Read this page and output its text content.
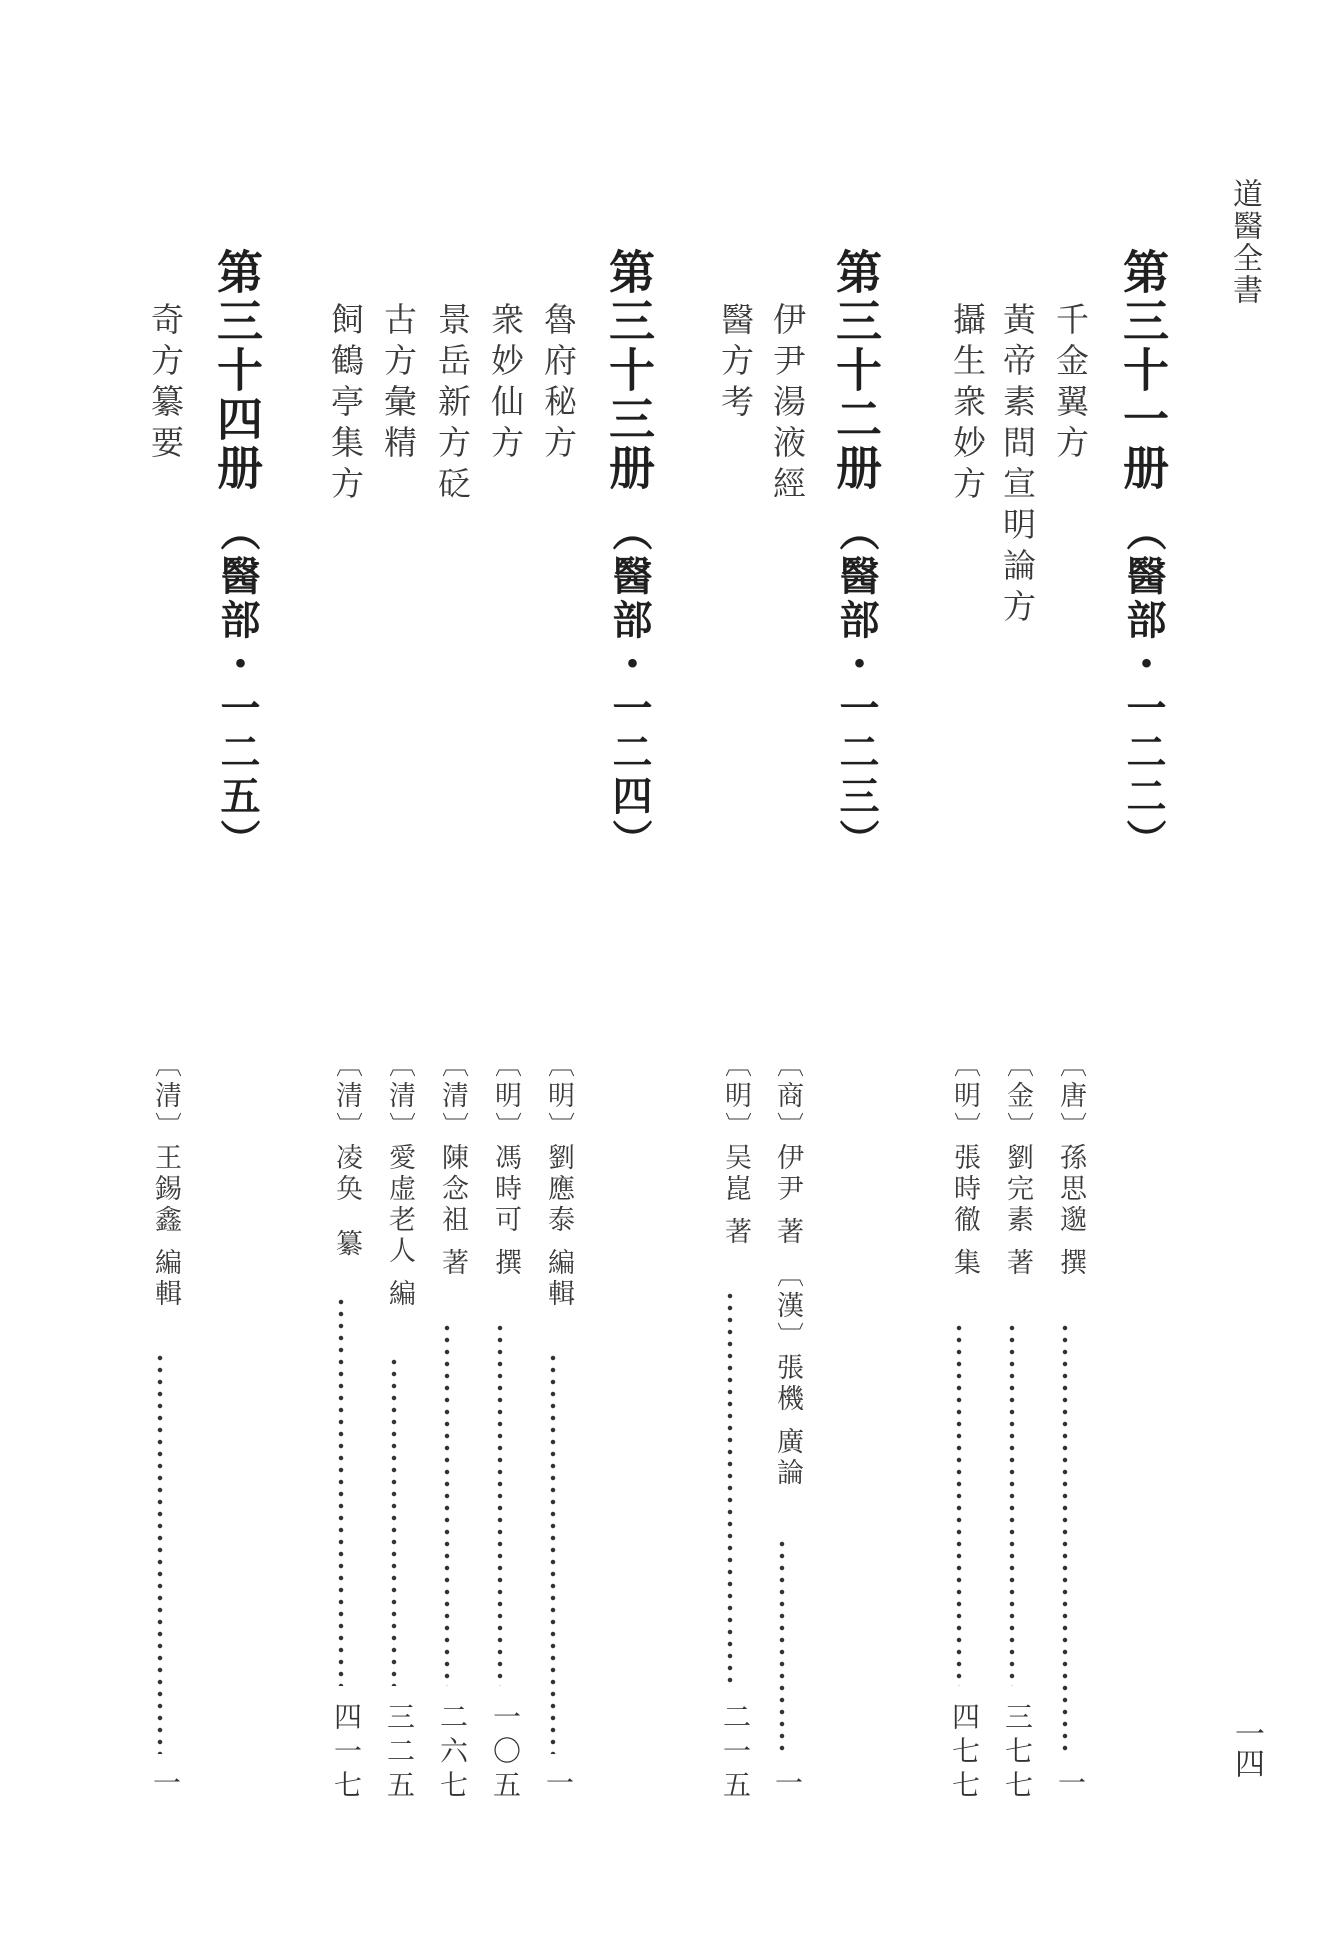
道醫全書
一四
第三十一册（醫部・一二二）
千金翼方
黃帝素問宣明論方
攝生衆妙方
〔唐〕孫思邈撰
一
〔金〕劉完素著
三七七
〔明〕張時徹集
四七七
第三十二册（醫部・一二三）
伊尹湯液經
醫方考
〔商〕伊尹著〔漢〕張機廣論
一
〔明〕吴崑著
二一五
第三十三册（醫部・一二四）
魯府秘方
衆妙仙方
景岳新方砭
古方彙精
飼鶴亭集方
〔明〕劉應泰編輯
一
〔明〕馮時可撰
一〇五
〔清〕陳念祖著
二六七
〔清〕愛虚老人編
三二五
〔清〕凌奂纂
四一七
第三十四册（醫部・一二五）
奇方纂要
〔清〕王錫鑫編輯
一
